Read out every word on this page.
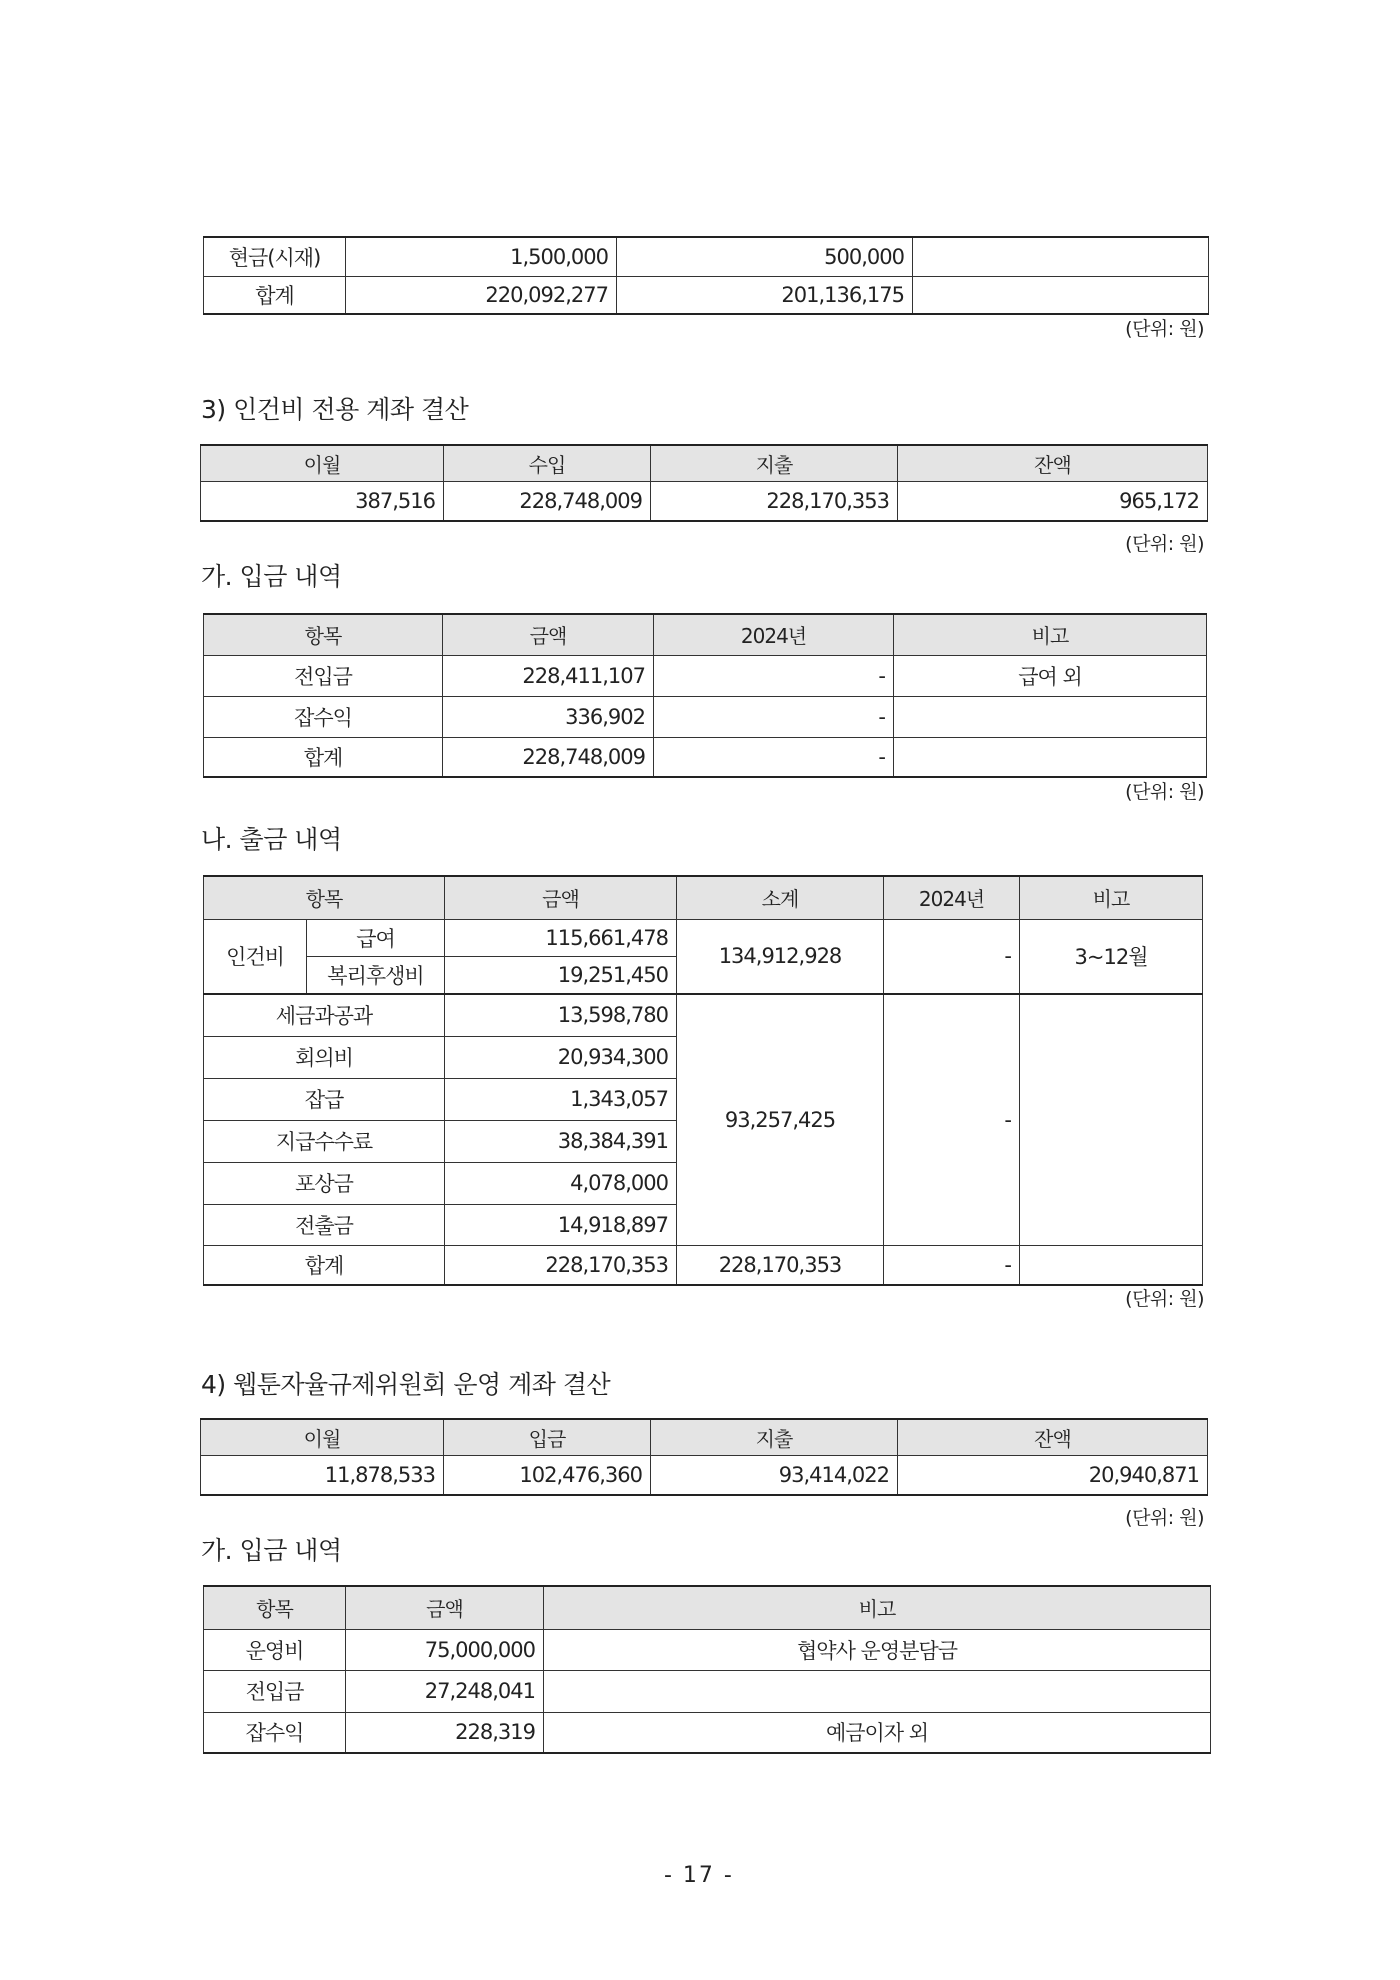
현금(시재)	1,500,000	500,000	
합계	220,092,277	201,136,175	
(단위: 원)
3) 인건비 전용 계좌 결산
이월	수입	지출	잔액
387,516	228,748,009	228,170,353	965,172
(단위: 원)
가. 입금 내역
항목	금액	2024년	비고
전입금	228,411,107	-	급여 외
잡수익	336,902	-	
합계	228,748,009	-	
(단위: 원)
나. 출금 내역
항목		금액	소계	2024년	비고
인건비	급여	115,661,478	134,912,928	-	3~12월
	복리후생비	19,251,450			
세금과공과		13,598,780	93,257,425	-	
회의비		20,934,300			
잡급		1,343,057			
지급수수료		38,384,391			
포상금		4,078,000			
전출금		14,918,897			
합계		228,170,353	228,170,353	-	
(단위: 원)
4) 웹툰자율규제위원회 운영 계좌 결산
이월	입금	지출	잔액
11,878,533	102,476,360	93,414,022	20,940,871
(단위: 원)
가. 입금 내역
항목	금액	비고
운영비	75,000,000	협약사 운영분담금
전입금	27,248,041	
잡수익	228,319	예금이자 외
- 17 -
